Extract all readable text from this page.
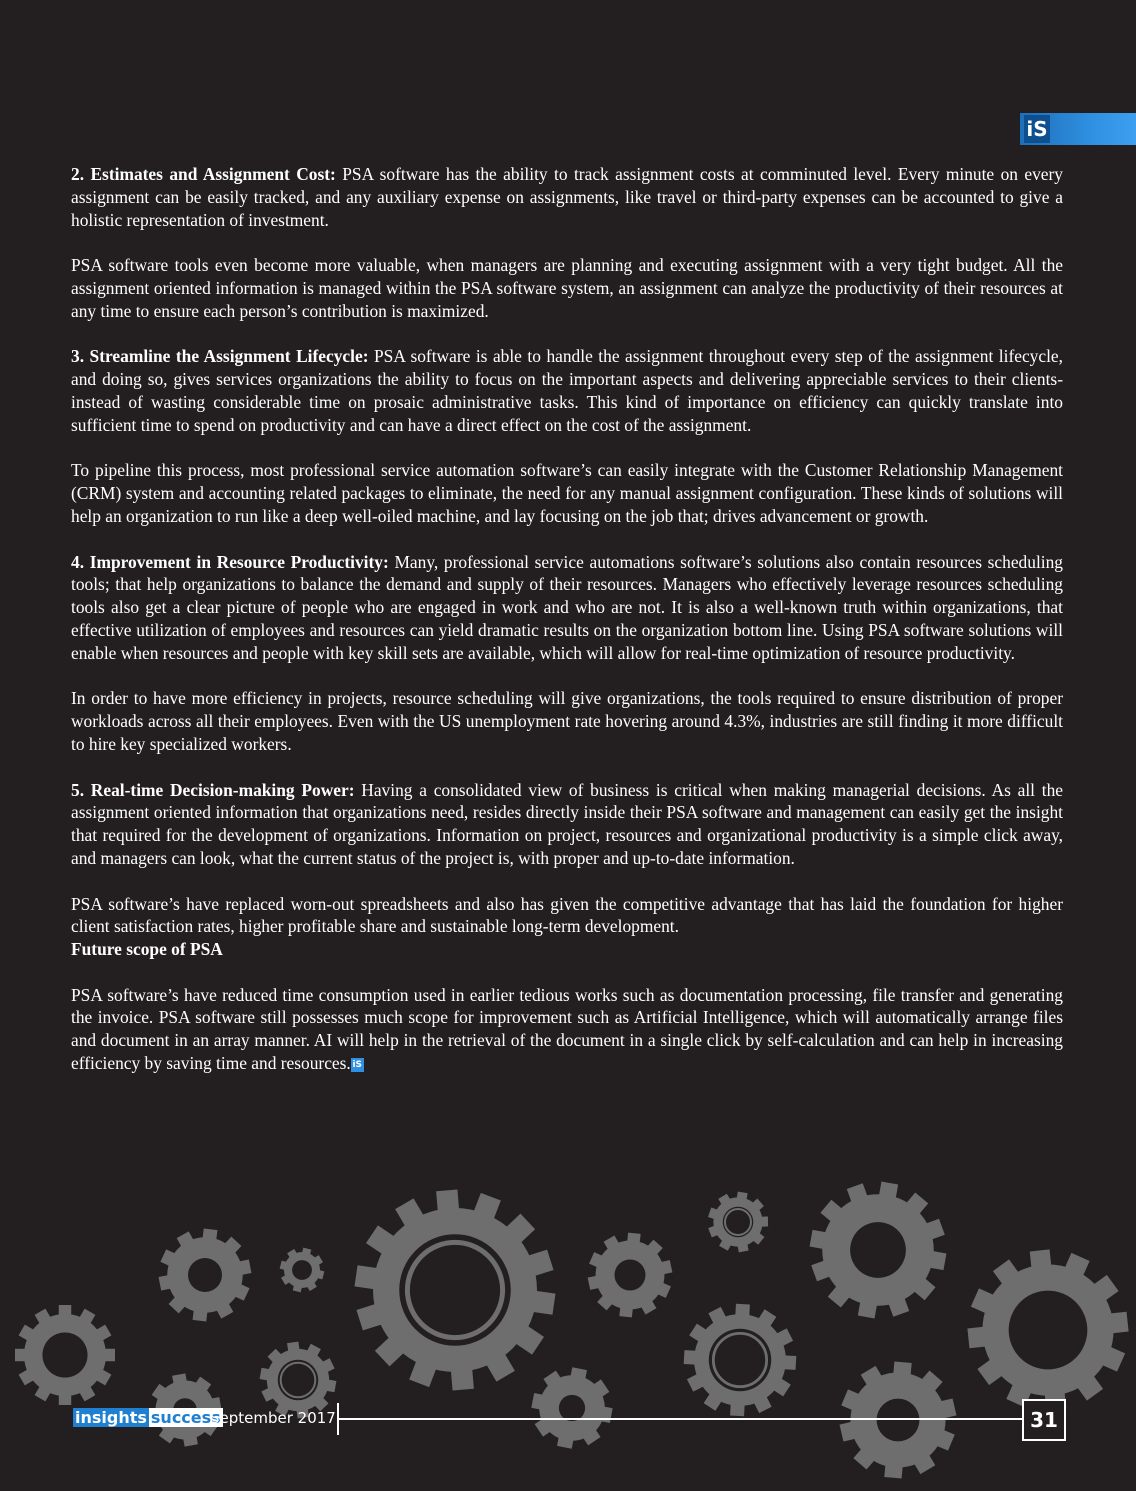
iS

2. Estimates and Assignment Cost: PSA software has the ability to track assignment costs at comminuted level. Every minute on every assignment can be easily tracked, and any auxiliary expense on assignments, like travel or third-party expenses can be accounted to give a holistic representation of investment.

PSA software tools even become more valuable, when managers are planning and executing assignment with a very tight budget. All the assignment oriented information is managed within the PSA software system, an assignment can analyze the productivity of their resources at any time to ensure each person’s contribution is maximized.

3. Streamline the Assignment Lifecycle: PSA software is able to handle the assignment throughout every step of the assignment lifecycle, and doing so, gives services organizations the ability to focus on the important aspects and delivering appreciable services to their clients-instead of wasting considerable time on prosaic administrative tasks. This kind of importance on efficiency can quickly translate into sufficient time to spend on productivity and can have a direct effect on the cost of the assignment.

To pipeline this process, most professional service automation software’s can easily integrate with the Customer Relationship Management (CRM) system and accounting related packages to eliminate, the need for any manual assignment configuration. These kinds of solutions will help an organization to run like a deep well-oiled machine, and lay focusing on the job that; drives advancement or growth.

4. Improvement in Resource Productivity: Many, professional service automations software’s solutions also contain resources scheduling tools; that help organizations to balance the demand and supply of their resources. Managers who effectively leverage resources scheduling tools also get a clear picture of people who are engaged in work and who are not. It is also a well-known truth within organizations, that effective utilization of employees and resources can yield dramatic results on the organization bottom line. Using PSA software solutions will enable when resources and people with key skill sets are available, which will allow for real-time optimization of resource productivity.

In order to have more efficiency in projects, resource scheduling will give organizations, the tools required to ensure distribution of proper workloads across all their employees. Even with the US unemployment rate hovering around 4.3%, industries are still finding it more difficult to hire key specialized workers.

5. Real-time Decision-making Power: Having a consolidated view of business is critical when making managerial decisions. As all the assignment oriented information that organizations need, resides directly inside their PSA software and management can easily get the insight that required for the development of organizations. Information on project, resources and organizational productivity is a simple click away, and managers can look, what the current status of the project is, with proper and up-to-date information.

PSA software’s have replaced worn-out spreadsheets and also has given the competitive advantage that has laid the foundation for higher client satisfaction rates, higher profitable share and sustainable long-term development.

Future scope of PSA

PSA software’s have reduced time consumption used in earlier tedious works such as documentation processing, file transfer and generating the invoice. PSA software still possesses much scope for improvement such as Artificial Intelligence, which will automatically arrange files and document in an array manner. AI will help in the retrieval of the document in a single click by self-calculation and can help in increasing efficiency by saving time and resources. iS

insights success
September 2017	31
